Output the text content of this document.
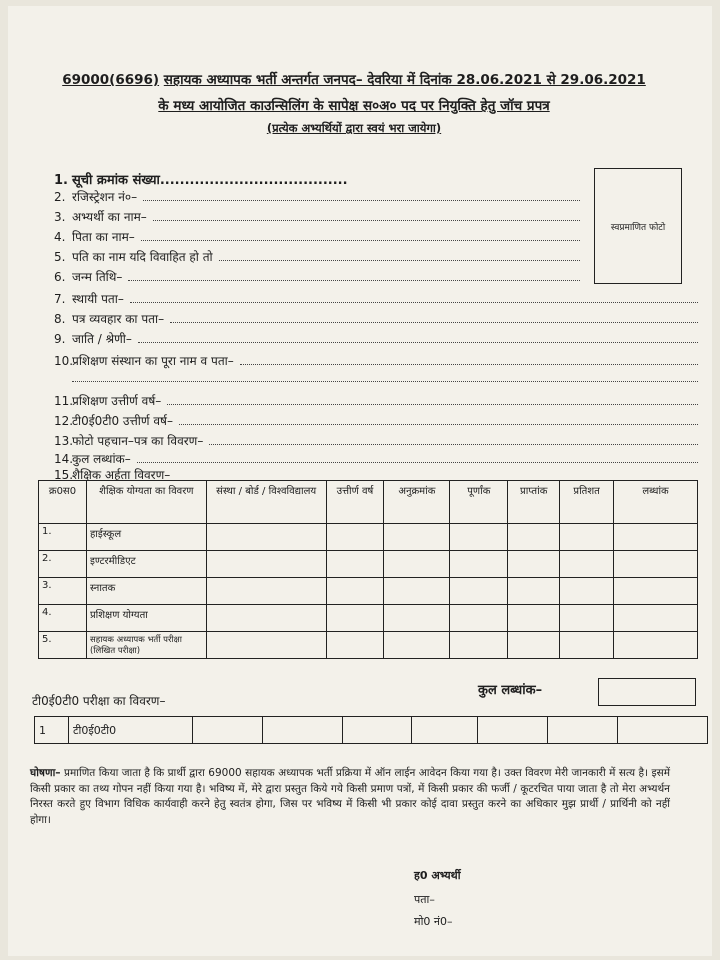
69000(6696) सहायक अध्यापक भर्ती अन्तर्गत जनपद– देवरिया में दिनांक 28.06.2021 से 29.06.2021
के मध्य आयोजित काउन्सिलिंग के सापेक्ष स०अ० पद पर नियुक्ति हेतु जॉच प्रपत्र
(प्रत्येक अभ्यर्थियों द्वारा स्वयं भरा जायेगा)
स्वप्रमाणित फोटो
1. सूची क्रमांक संख्या......................................
2. रजिस्ट्रेशन नं०–
3. अभ्यर्थी का नाम–
4. पिता का नाम–
5. पति का नाम यदि विवाहित हो तो
6. जन्म तिथि–
7. स्थायी पता–
8. पत्र व्यवहार का पता–
9. जाति / श्रेणी–
10.
प्रशिक्षण संस्थान का पूरा नाम व पता–
11.
प्रशिक्षण उत्तीर्ण वर्ष–
12.
टी0ई0टी0 उत्तीर्ण वर्ष–
13.
फोटो पहचान–पत्र का विवरण–
14.
कुल लब्धांक–
15.
शैक्षिक अर्हता विवरण–
क्र0स0	शैक्षिक योग्यता का विवरण	संस्था / बोर्ड / विश्वविद्यालय	उत्तीर्ण वर्ष	अनुक्रमांक	पूर्णांक	प्राप्तांक	प्रतिशत	लब्धांक
1.	हाईस्कूल							
2.	इण्टरमीडिएट							
3.	स्नातक							
4.	प्रशिक्षण योग्यता							
5.	सहायक अध्यापक भर्ती परीक्षा (लिखित परीक्षा)							
कुल लब्धांक–
टी0ई0टी0 परीक्षा का विवरण–
1	टी0ई0टी0							
घोषणा– प्रमाणित किया जाता है कि प्रार्थी द्वारा 69000 सहायक अध्यापक भर्ती प्रक्रिया में ऑन लाईन आवेदन किया गया है। उक्त विवरण मेरी जानकारी में सत्य है। इसमें किसी प्रकार का तथ्य गोपन नहीं किया गया है। भविष्य में, मेरे द्वारा प्रस्तुत किये गये किसी प्रमाण पत्रों, में किसी प्रकार की फर्जी / कूटरचित पाया जाता है तो मेरा अभ्यर्थन निरस्त करते हुए विभाग विधिक कार्यवाही करने हेतु स्वतंत्र होगा, जिस पर भविष्य में किसी भी प्रकार कोई दावा प्रस्तुत करने का अधिकार मुझ प्रार्थी / प्रार्थिनी को नहीं होगा।
ह0 अभ्यर्थी
पता–
मो0 नं0–
